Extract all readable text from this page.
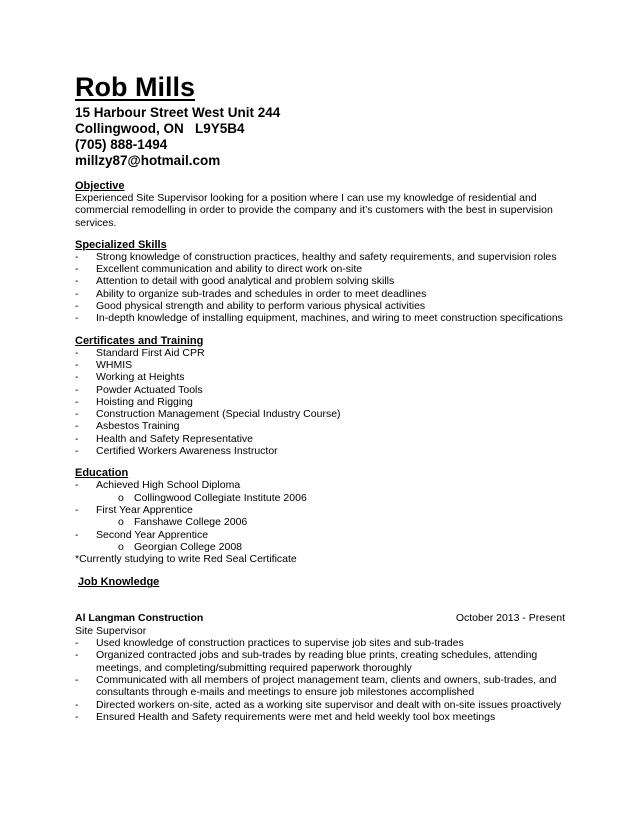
Rob Mills
15 Harbour Street West Unit 244
Collingwood, ON   L9Y5B4
(705) 888-1494
millzy87@hotmail.com
Objective

Experienced Site Supervisor looking for a position where I can use my knowledge of residential and commercial remodelling in order to provide the company and it’s customers with the best in supervision services.

Specialized Skills
- Strong knowledge of construction practices, healthy and safety requirements, and supervision roles
- Excellent communication and ability to direct work on-site
- Attention to detail with good analytical and problem solving skills
- Ability to organize sub-trades and schedules in order to meet deadlines
- Good physical strength and ability to perform various physical activities
- In-depth knowledge of installing equipment, machines, and wiring to meet construction specifications
Certificates and Training
- Standard First Aid CPR
- WHMIS
- Working at Heights
- Powder Actuated Tools
- Hoisting and Rigging
- Construction Management (Special Industry Course)
- Asbestos Training
- Health and Safety Representative
- Certified Workers Awareness Instructor
Education
- Achieved High School Diploma
o Collingwood Collegiate Institute 2006
- First Year Apprentice
o Fanshawe College 2006
- Second Year Apprentice
o Georgian College 2008

*Currently studying to write Red Seal Certificate

Job Knowledge
Al Langman Construction	October 2013 - Present
Site Supervisor
- Used knowledge of construction practices to supervise job sites and sub-trades
- Organized contracted jobs and sub-trades by reading blue prints, creating schedules, attending meetings, and completing/submitting required paperwork thoroughly
- Communicated with all members of project management team, clients and owners, sub-trades, and consultants through e-mails and meetings to ensure job milestones accomplished
- Directed workers on-site, acted as a working site supervisor and dealt with on-site issues proactively
- Ensured Health and Safety requirements were met and held weekly tool box meetings
